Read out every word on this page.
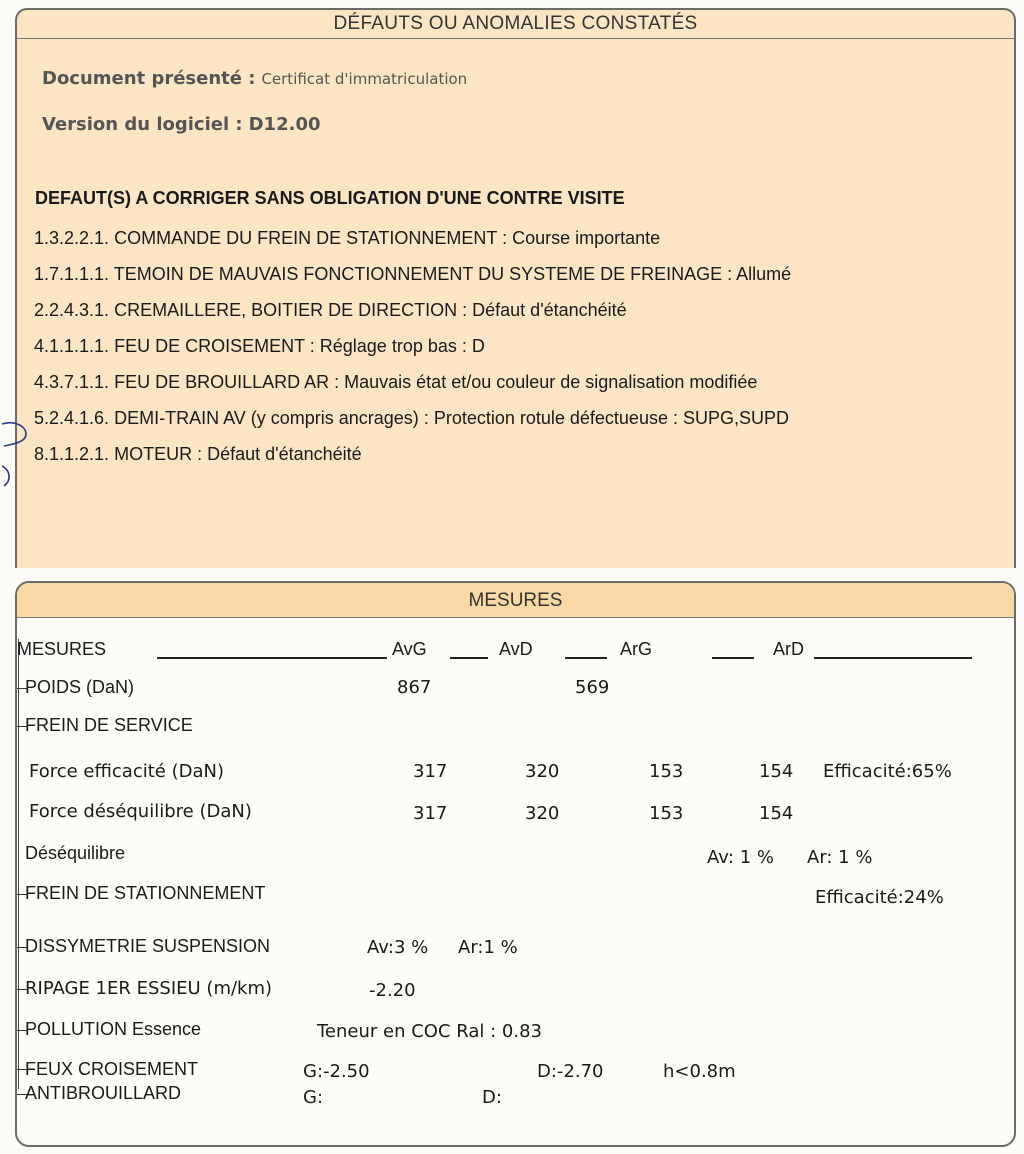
DÉFAUTS OU ANOMALIES CONSTATÉS
Document présenté : Certificat d'immatriculation
Version du logiciel : D12.00
DEFAUT(S) A CORRIGER SANS OBLIGATION D'UNE CONTRE VISITE
1.3.2.2.1. COMMANDE DU FREIN DE STATIONNEMENT : Course importante
1.7.1.1.1. TEMOIN DE MAUVAIS FONCTIONNEMENT DU SYSTEME DE FREINAGE : Allumé
2.2.4.3.1. CREMAILLERE, BOITIER DE DIRECTION : Défaut d'étanchéité
4.1.1.1.1. FEU DE CROISEMENT : Réglage trop bas : D
4.3.7.1.1. FEU DE BROUILLARD AR : Mauvais état et/ou couleur de signalisation modifiée
5.2.4.1.6. DEMI-TRAIN AV (y compris ancrages) : Protection rotule défectueuse : SUPG,SUPD
8.1.1.2.1. MOTEUR : Défaut d'étanchéité
MESURES
MESURES	AvG	AvD	ArG	ArD
POIDS (DaN)	867	569
FREIN DE SERVICE
Force efficacité (DaN)	317	320	153	154 Efficacité:65%
Force déséquilibre (DaN)	317	320	153	154
Déséquilibre	Av: 1 % Ar: 1 %
FREIN DE STATIONNEMENT	Efficacité:24%
DISSYMETRIE SUSPENSION	Av:3 % Ar:1 %
RIPAGE 1ER ESSIEU (m/km)	-2.20
POLLUTION Essence	Teneur en COC Ral : 0.83
FEUX CROISEMENT	G:-2.50	D:-2.70	h<0.8m
ANTIBROUILLARD	G:	D:
